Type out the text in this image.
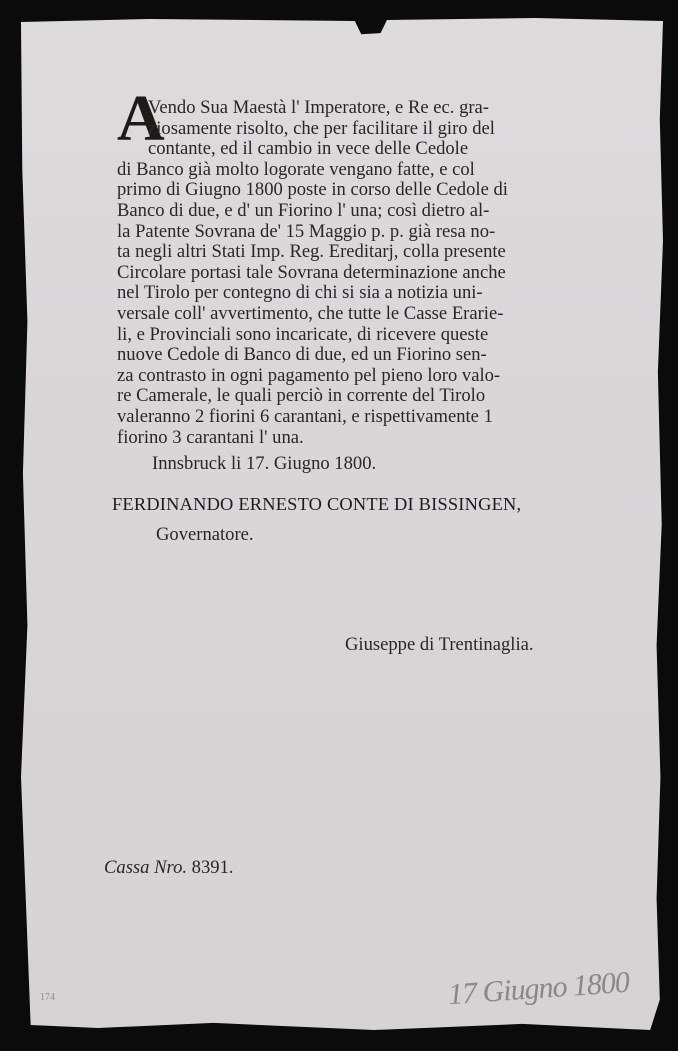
A
Vendo Sua Maestà l' Imperatore, e Re ec. gra-
ziosamente risolto, che per facilitare il giro del
contante, ed il cambio in vece delle Cedole
di Banco già molto logorate vengano fatte, e col
primo di Giugno 1800 poste in corso delle Cedole di
Banco di due, e d' un Fiorino l' una; così dietro al-
la Patente Sovrana de' 15 Maggio p. p. già resa no-
ta negli altri Stati Imp. Reg. Ereditarj, colla presente
Circolare portasi tale Sovrana determinazione anche
nel Tirolo per contegno di chi si sia a notizia uni-
versale coll' avvertimento, che tutte le Casse Erarie-
li, e Provinciali sono incaricate, di ricevere queste
nuove Cedole di Banco di due, ed un Fiorino sen-
za contrasto in ogni pagamento pel pieno loro valo-
re Camerale, le quali perciò in corrente del Tirolo
valeranno 2 fiorini 6 carantani, e rispettivamente 1
fiorino 3 carantani l' una.
Innsbruck li 17. Giugno 1800.
FERDINANDO ERNESTO CONTE DI BISSINGEN,
Governatore.
Giuseppe di Trentinaglia.
Cassa Nro. 8391.
174	17 Giugno 1800
